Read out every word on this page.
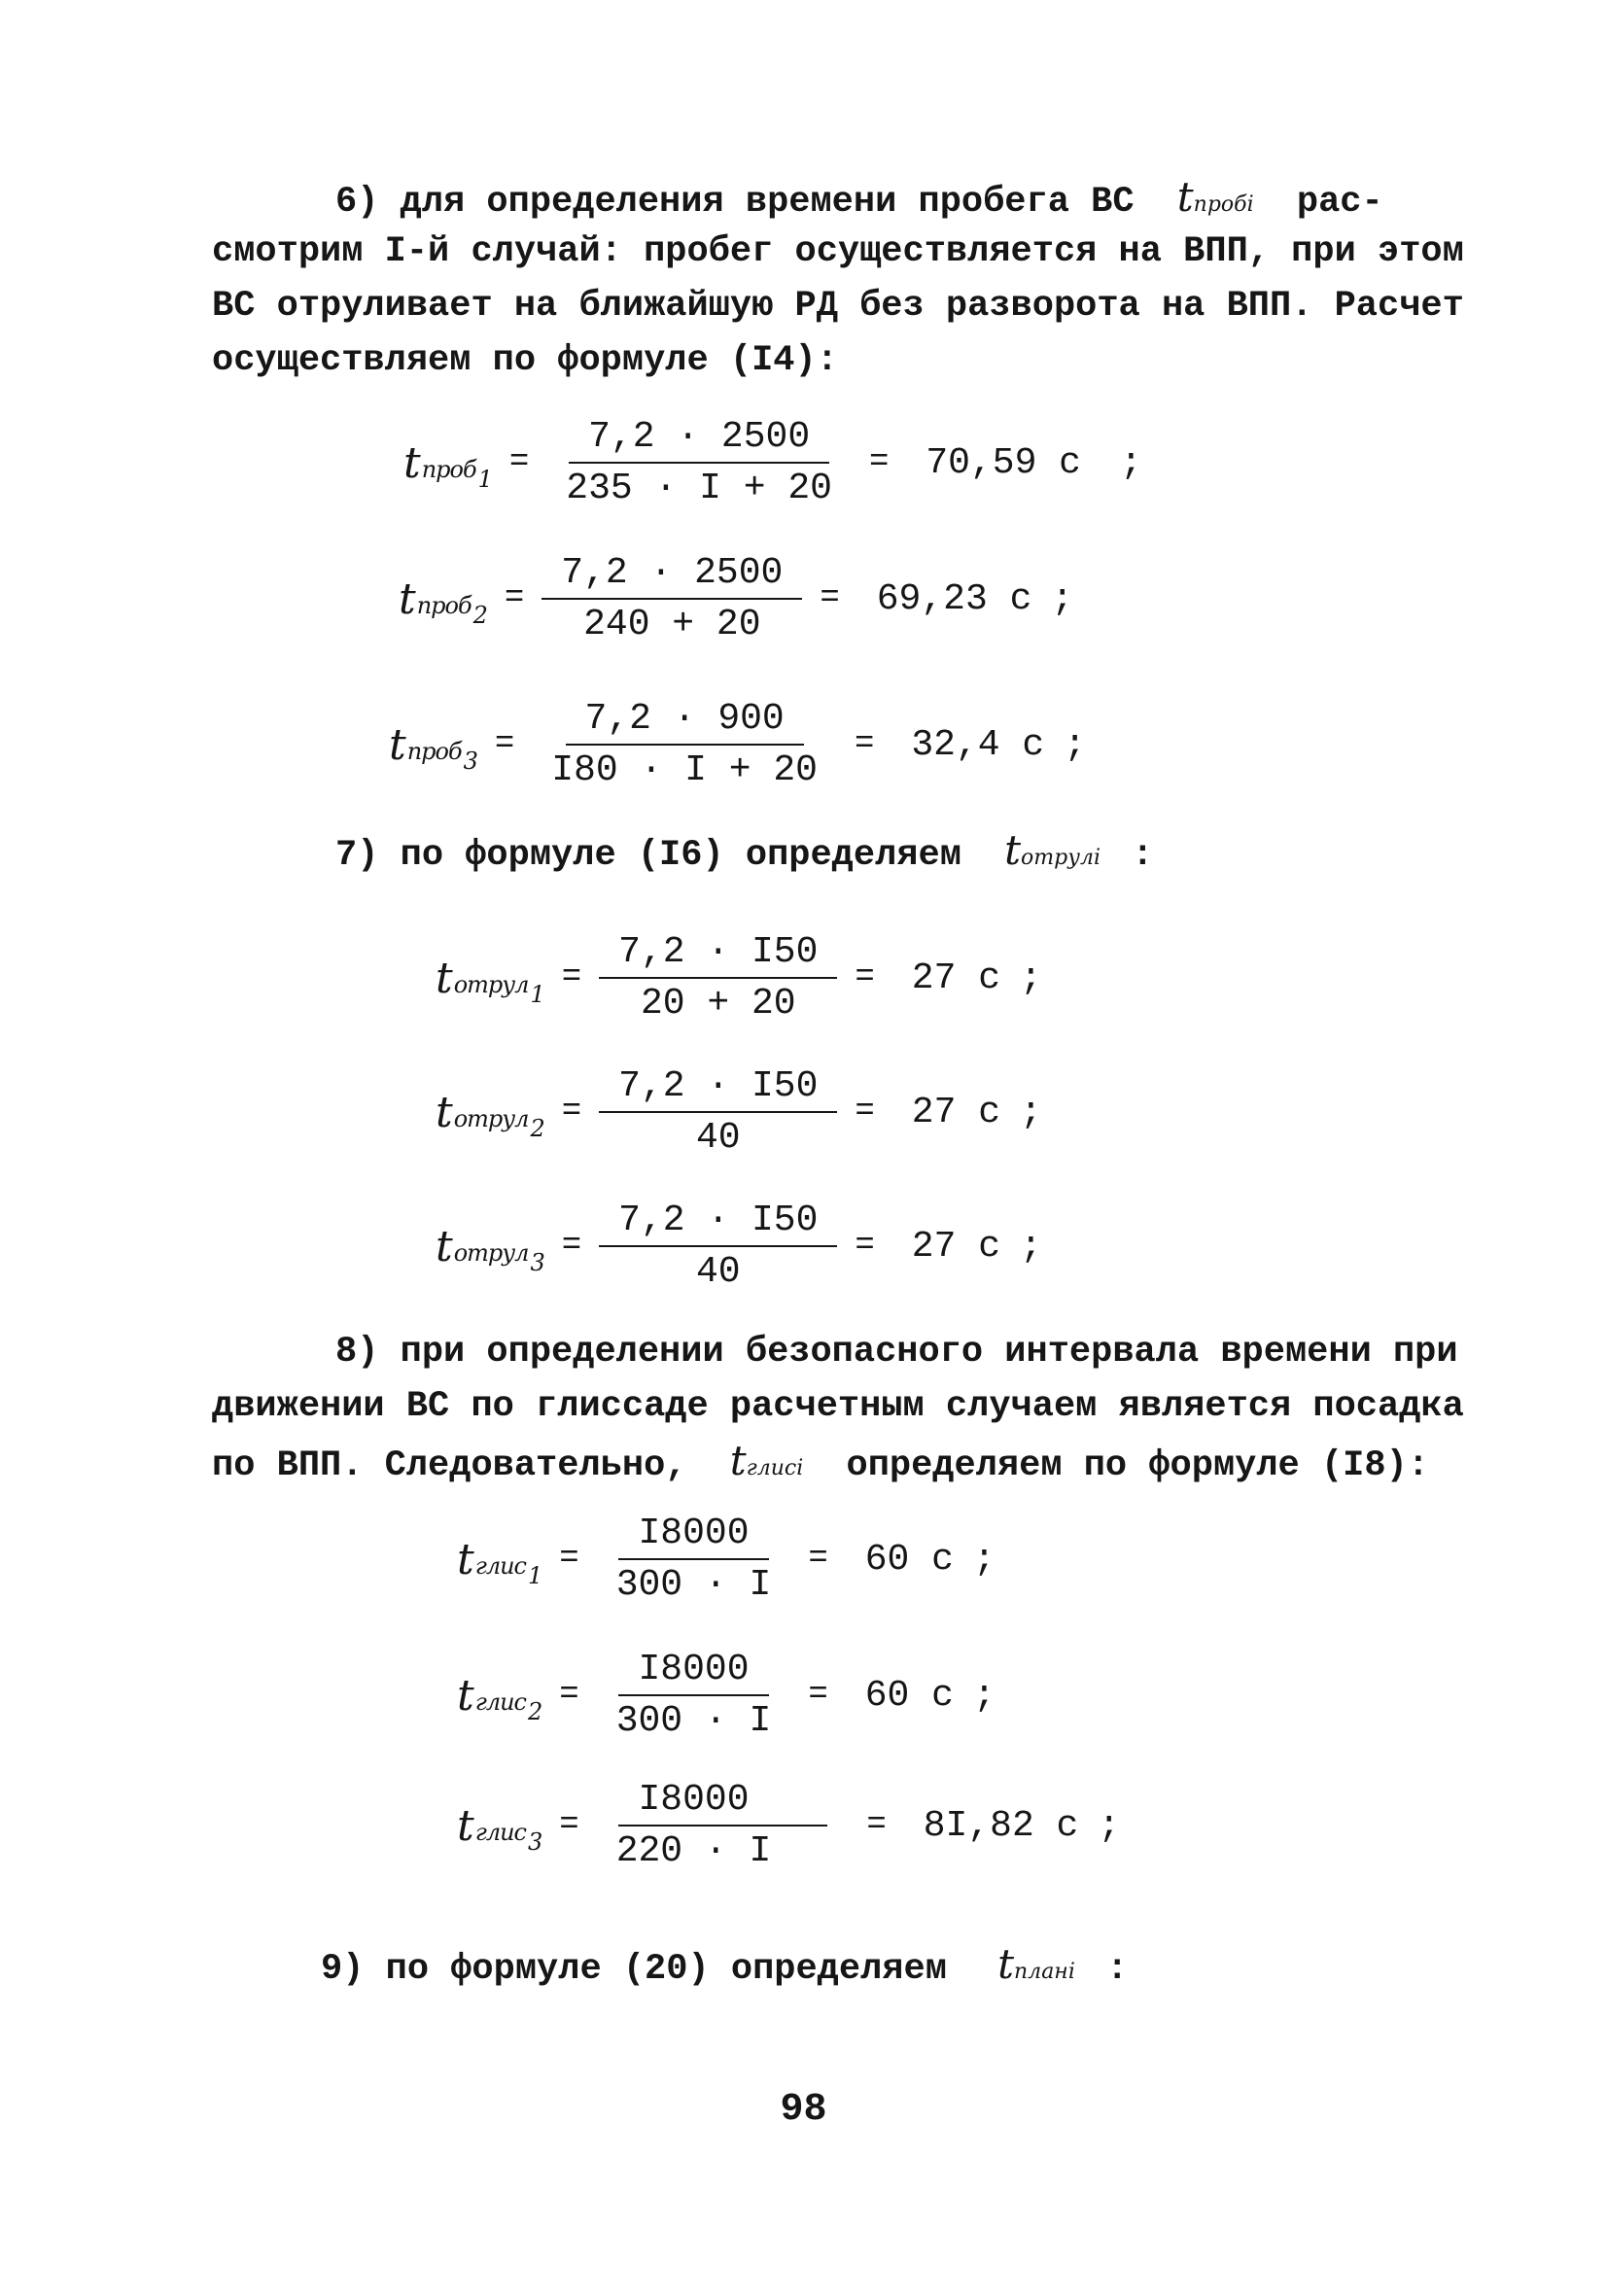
6) для определения времени пробега ВС tпробi рас-
смотрим I-й случай: пробег осуществляется на ВПП, при этом
ВС отруливает на ближайшую РД без разворота на ВПП. Расчет
осуществляем по формуле (I4):
t проб $1 = \frac{7,2 \cdot 2500}{235 \cdot I + 20} = 70,59$ с ;
t проб $2 = \frac{7,2 \cdot 2500}{240 + 20} = 69,23$ с ;
t проб $3 = \frac{7,2 \cdot 900}{I80 \cdot I + 20} = 32,4$ с ;
7) по формуле (I6) определяем tотрулi :
t отрул $1 = \frac{7,2 \cdot I50}{20 + 20} = 27$ с ;
t отрул $2 = \frac{7,2 \cdot I50}{40} = 27$ с ;
t отрул $3 = \frac{7,2 \cdot I50}{40} = 27$ с ;
8) при определении безопасного интервала времени при
движении ВС по глиссаде расчетным случаем является посадка
по ВПП. Следовательно, tглисi определяем по формуле (I8):
t глис $1 = \frac{I8000}{300 \cdot I} = 60$ с ;
t глис $2 = \frac{I8000}{300 \cdot I} = 60$ с ;
t глис $3 = \frac{I8000}{220 \cdot I} = 8I,82$ с ;
9) по формуле (20) определяем tпланi :
98
